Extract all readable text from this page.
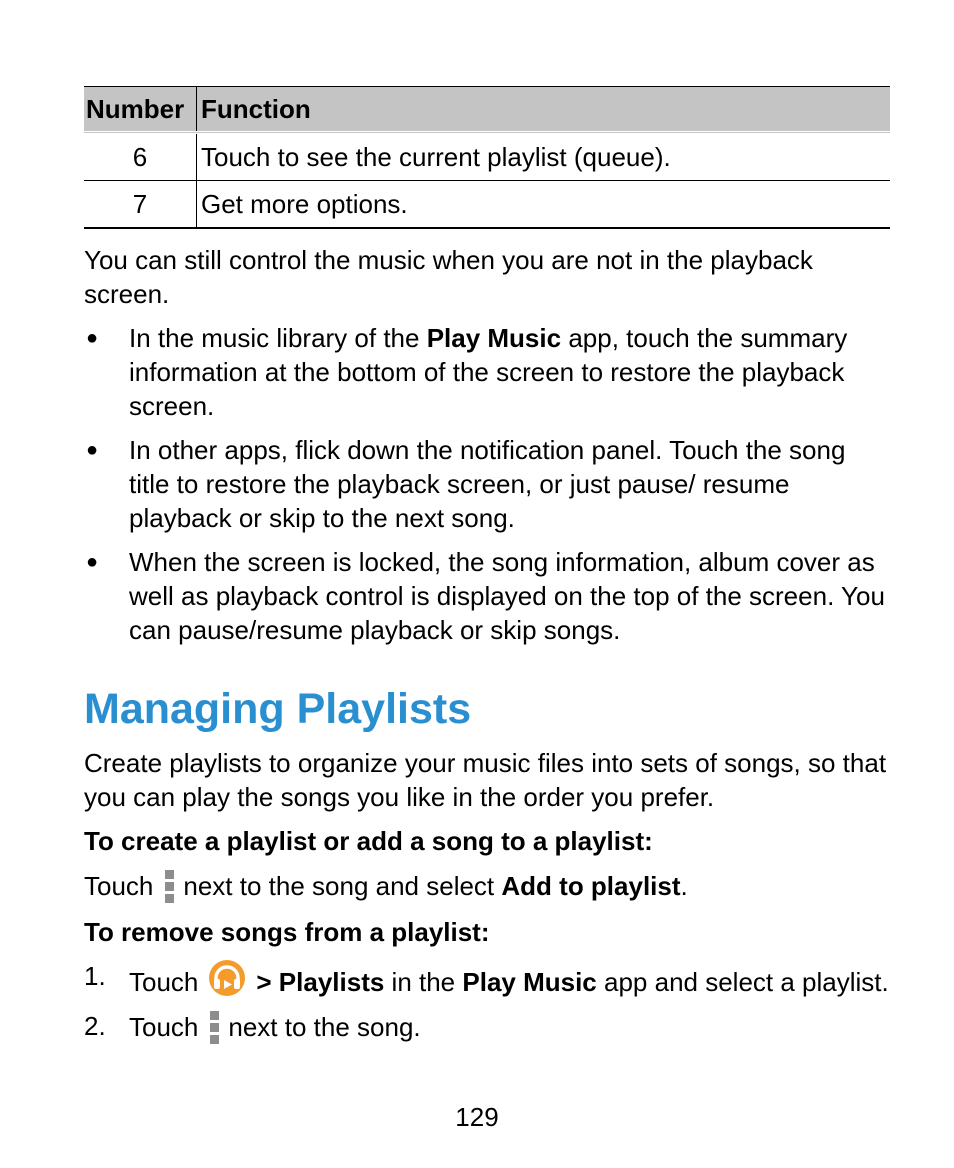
Number	Function
6	Touch to see the current playlist (queue).
7	Get more options.

You can still control the music when you are not in the playback screen.

● In the music library of the Play Music app, touch the summary information at the bottom of the screen to restore the playback screen.
● In other apps, flick down the notification panel. Touch the song title to restore the playback screen, or just pause/ resume playback or skip to the next song.
● When the screen is locked, the song information, album cover as well as playback control is displayed on the top of the screen. You can pause/resume playback or skip songs.
Managing Playlists

Create playlists to organize your music files into sets of songs, so that you can play the songs you like in the order you prefer.

To create a playlist or add a song to a playlist:

Touch next to the song and select Add to playlist.

To remove songs from a playlist:

1. Touch > Playlists in the Play Music app and select a playlist.
2. Touch next to the song.
129
